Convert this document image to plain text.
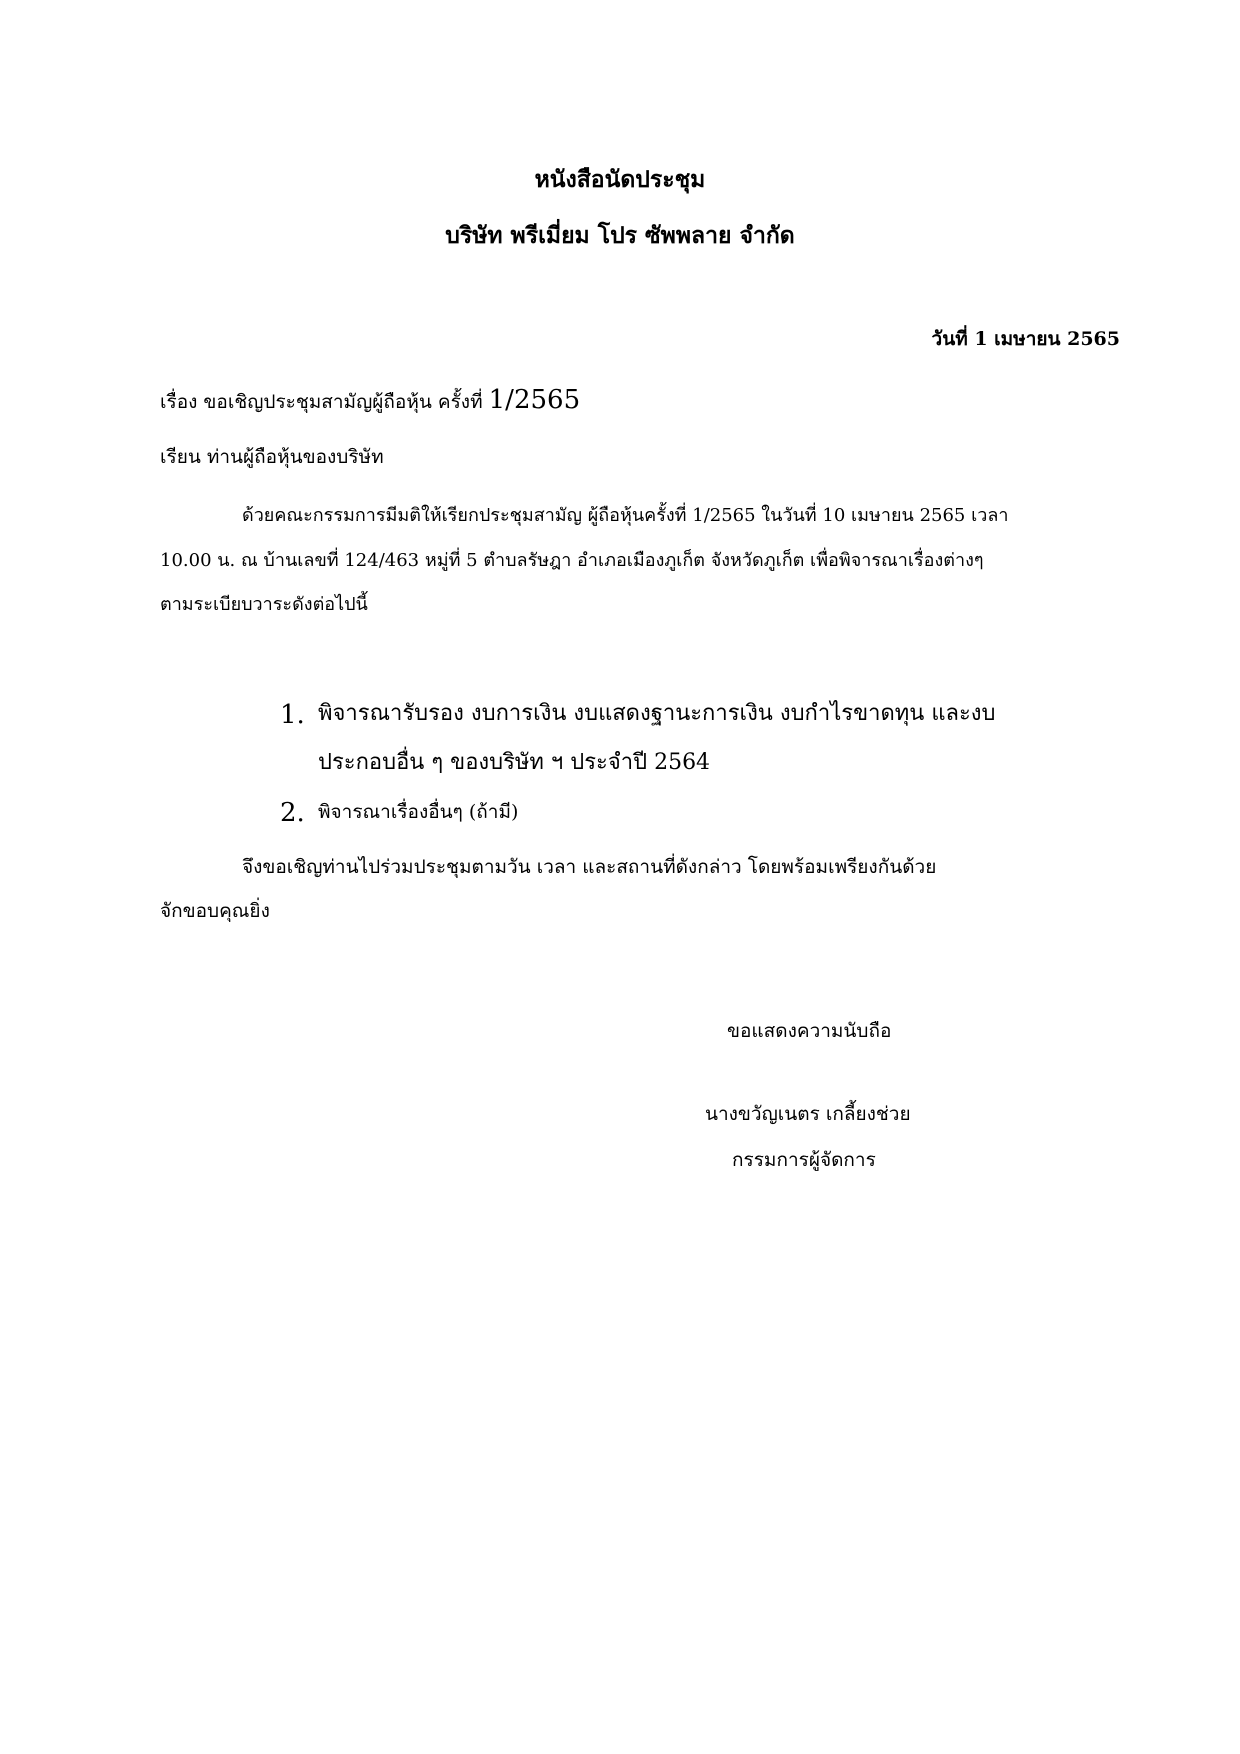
หนังสือนัดประชุม
บริษัท พรีเมี่ยม โปร ซัพพลาย จำกัด
วันที่ 1 เมษายน 2565
เรื่อง ขอเชิญประชุมสามัญผู้ถือหุ้น ครั้งที่ 1/2565
เรียน ท่านผู้ถือหุ้นของบริษัท
ด้วยคณะกรรมการมีมติให้เรียกประชุมสามัญ ผู้ถือหุ้นครั้งที่ 1/2565 ในวันที่ 10 เมษายน 2565 เวลา
10.00 น. ณ บ้านเลขที่ 124/463 หมู่ที่ 5 ตำบลรัษฎา อำเภอเมืองภูเก็ต จังหวัดภูเก็ต เพื่อพิจารณาเรื่องต่างๆ
ตามระเบียบวาระดังต่อไปนี้
1. พิจารณารับรอง งบการเงิน งบแสดงฐานะการเงิน งบกำไรขาดทุน และงบ
ประกอบอื่น ๆ ของบริษัท ฯ ประจำปี 2564
2. พิจารณาเรื่องอื่นๆ (ถ้ามี)
จึงขอเชิญท่านไปร่วมประชุมตามวัน เวลา และสถานที่ดังกล่าว โดยพร้อมเพรียงกันด้วย
จักขอบคุณยิ่ง
ขอแสดงความนับถือ
นางขวัญเนตร เกลี้ยงช่วย
กรรมการผู้จัดการ
